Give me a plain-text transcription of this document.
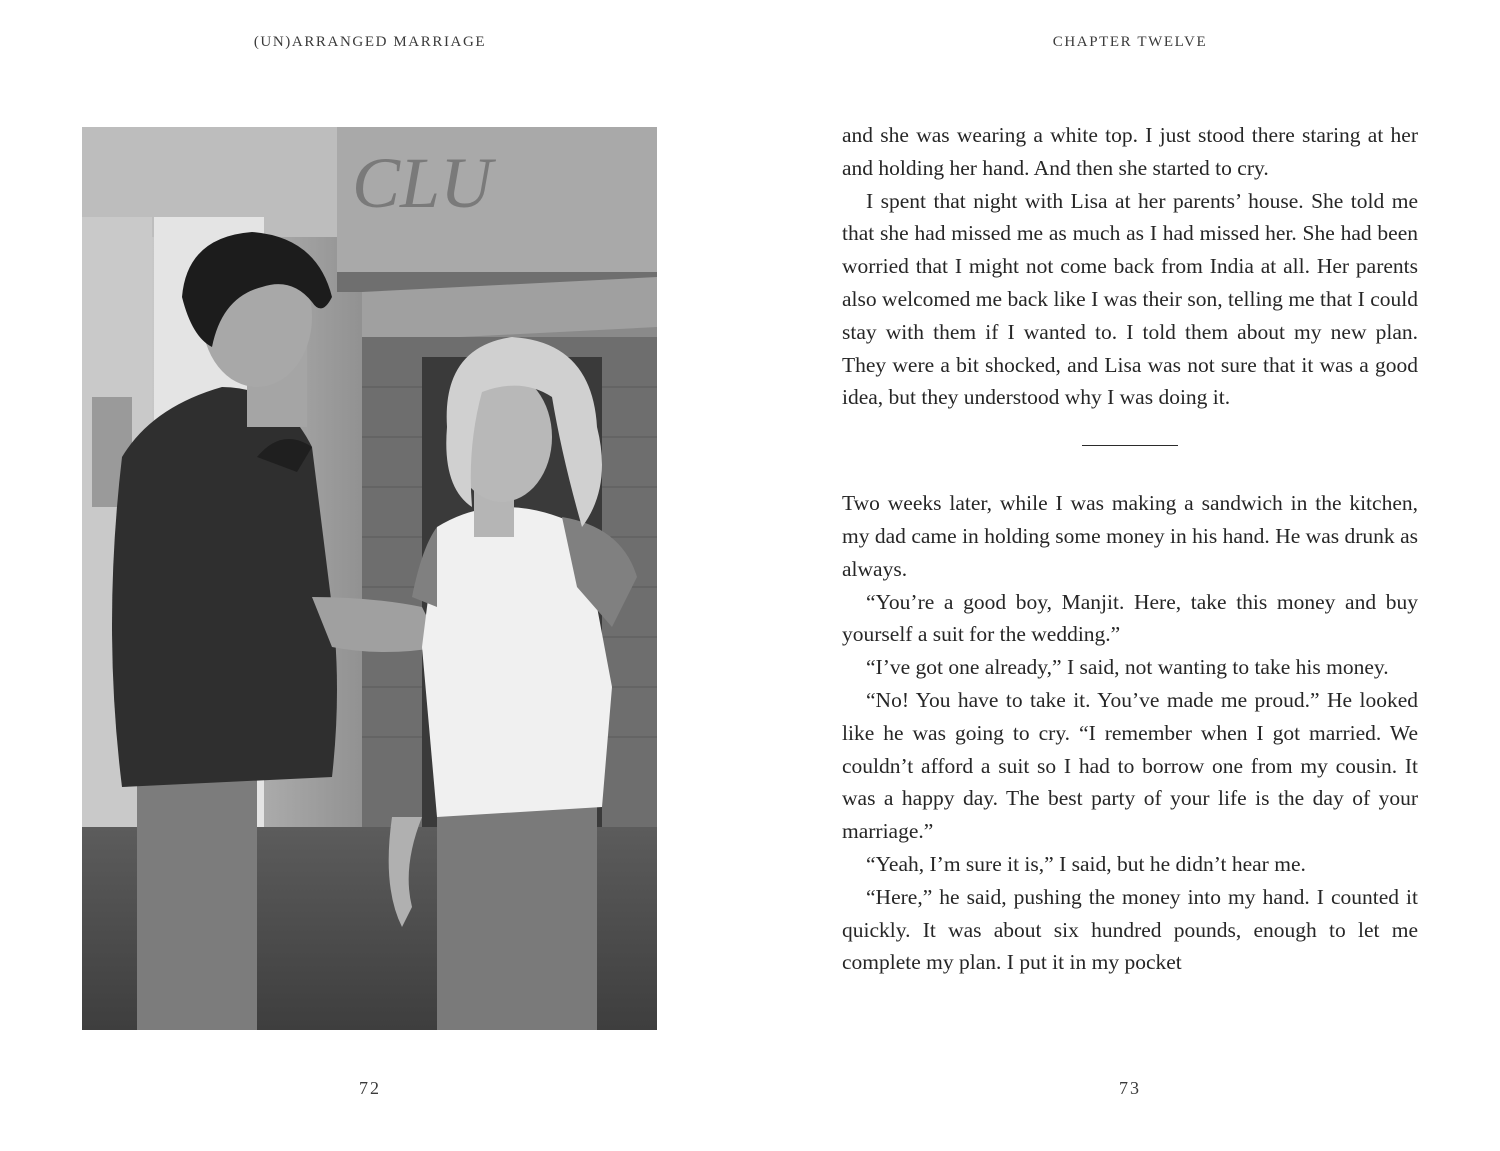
(UN)ARRANGED MARRIAGE

CLU

72

CHAPTER TWELVE

and she was wearing a white top. I just stood there staring at her and holding her hand. And then she started to cry.

I spent that night with Lisa at her parents’ house. She told me that she had missed me as much as I had missed her. She had been worried that I might not come back from India at all. Her parents also welcomed me back like I was their son, telling me that I could stay with them if I wanted to. I told them about my new plan. They were a bit shocked, and Lisa was not sure that it was a good idea, but they understood why I was doing it.

Two weeks later, while I was making a sandwich in the kitchen, my dad came in holding some money in his hand. He was drunk as always.

“You’re a good boy, Manjit. Here, take this money and buy yourself a suit for the wedding.”

“I’ve got one already,” I said, not wanting to take his money.

“No! You have to take it. You’ve made me proud.” He looked like he was going to cry. “I remember when I got married. We couldn’t afford a suit so I had to borrow one from my cousin. It was a happy day. The best party of your life is the day of your marriage.”

“Yeah, I’m sure it is,” I said, but he didn’t hear me.

“Here,” he said, pushing the money into my hand. I counted it quickly. It was about six hundred pounds, enough to let me complete my plan. I put it in my pocket

73
